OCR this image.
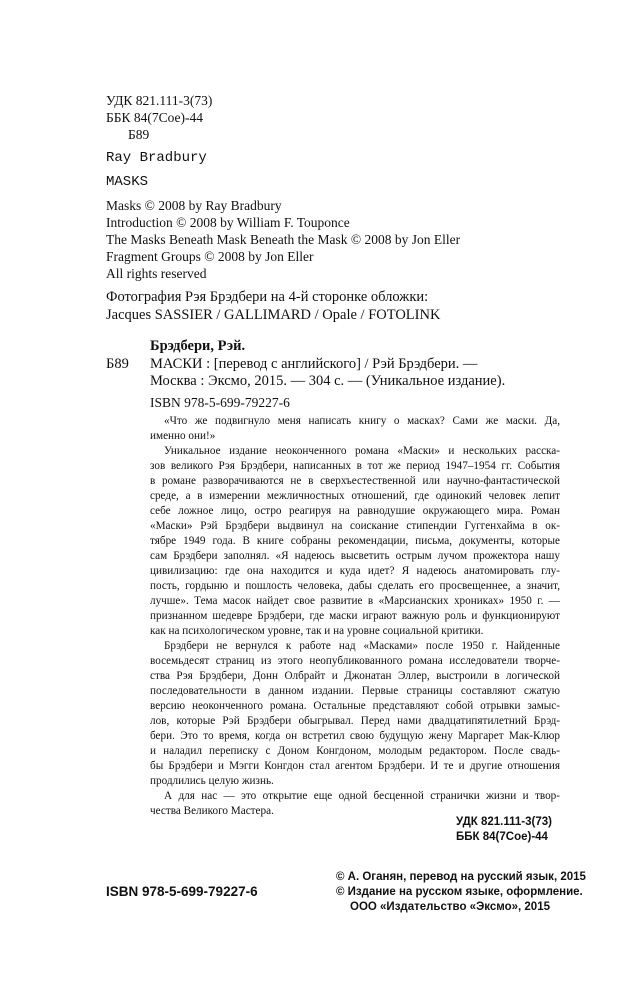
УДК 821.111-3(73)
ББК 84(7Сое)-44
Б89
Ray Bradbury
MASKS
Masks © 2008 by Ray Bradbury
Introduction © 2008 by William F. Touponce
The Masks Beneath Mask Beneath the Mask © 2008 by Jon Eller
Fragment Groups © 2008 by Jon Eller
All rights reserved
Фотография Рэя Брэдбери на 4-й сторонке обложки:
Jacques SASSIER / GALLIMARD / Opale / FOTOLINK
Брэдбери, Рэй.
Б89 МАСКИ : [перевод с английского] / Рэй Брэдбери. —
Москва : Эксмо, 2015. — 304 с. — (Уникальное издание).
ISBN 978-5-699-79227-6
«Что же подвигнуло меня написать книгу о масках? Сами же маски. Да,
именно они!»
Уникальное издание неоконченного романа «Маски» и нескольких расска-
зов великого Рэя Брэдбери, написанных в тот же период 1947–1954 гг. События
в романе разворачиваются не в сверхъестественной или научно-фантастической
среде, а в измерении межличностных отношений, где одинокий человек лепит
себе ложное лицо, остро реагируя на равнодушие окружающего мира. Роман
«Маски» Рэй Брэдбери выдвинул на соискание стипендии Гуггенхайма в ок-
тябре 1949 года. В книге собраны рекомендации, письма, документы, которые
сам Брэдбери заполнял. «Я надеюсь высветить острым лучом прожектора нашу
цивилизацию: где она находится и куда идет? Я надеюсь анатомировать глу-
пость, гордыню и пошлость человека, дабы сделать его просвещеннее, а значит,
лучше». Тема масок найдет свое развитие в «Марсианских хрониках» 1950 г. —
признанном шедевре Брэдбери, где маски играют важную роль и функционируют
как на психологическом уровне, так и на уровне социальной критики.
Брэдбери не вернулся к работе над «Масками» после 1950 г. Найденные
восемьдесят страниц из этого неопубликованного романа исследователи творче-
ства Рэя Брэдбери, Донн Олбрайт и Джонатан Эллер, выстроили в логической
последовательности в данном издании. Первые страницы составляют сжатую
версию неоконченного романа. Остальные представляют собой отрывки замыс-
лов, которые Рэй Брэдбери обыгрывал. Перед нами двадцатипятилетний Брэд-
бери. Это то время, когда он встретил свою будущую жену Маргарет Мак-Клюр
и наладил переписку с Доном Конгдоном, молодым редактором. После свадь-
бы Брэдбери и Мэгги Конгдон стал агентом Брэдбери. И те и другие отношения
продлились целую жизнь.
А для нас — это открытие еще одной бесценной странички жизни и твор-
чества Великого Мастера.
УДК 821.111-3(73)
ББК 84(7Сое)-44
© А. Оганян, перевод на русский язык, 2015
© Издание на русском языке, оформление.
ООО «Издательство «Эксмо», 2015
ISBN 978-5-699-79227-6
